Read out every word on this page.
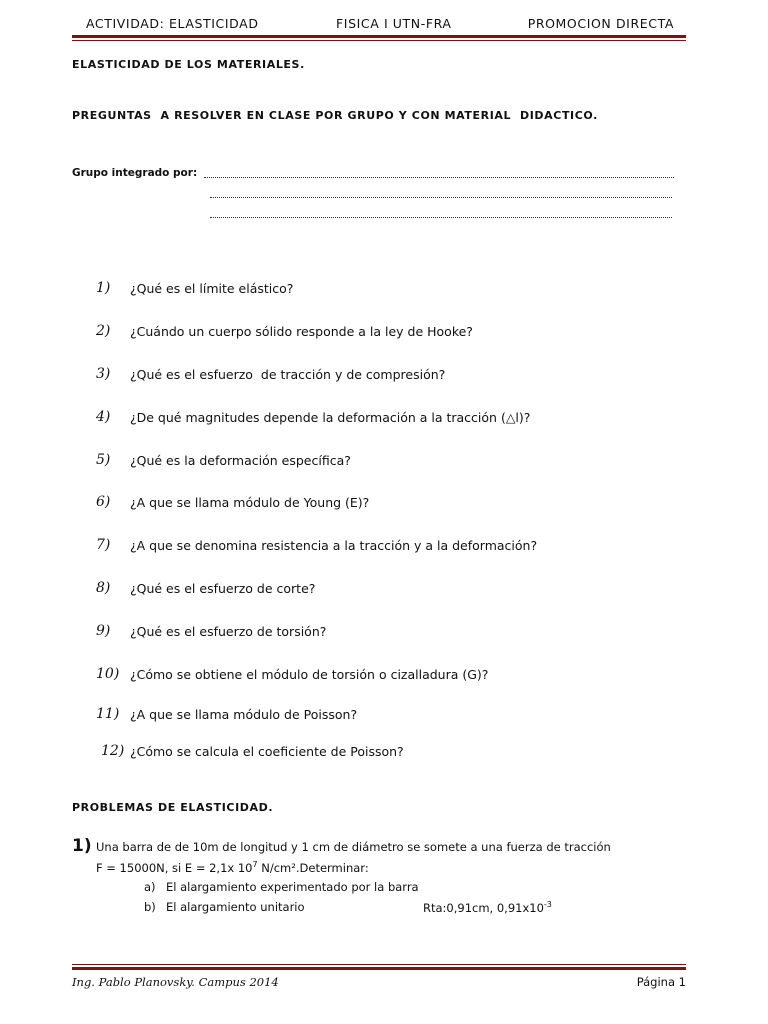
ACTIVIDAD: ELASTICIDAD	FISICA I UTN-FRA	PROMOCION DIRECTA
ELASTICIDAD DE LOS MATERIALES.
PREGUNTAS  A RESOLVER EN CLASE POR GRUPO Y CON MATERIAL  DIDACTICO.
Grupo integrado por:
1) ¿Qué es el límite elástico?
2) ¿Cuándo un cuerpo sólido responde a la ley de Hooke?
3) ¿Qué es el esfuerzo  de tracción y de compresión?
4) ¿De qué magnitudes depende la deformación a la tracción (△l)?
5) ¿Qué es la deformación específica?
6) ¿A que se llama módulo de Young (E)?
7) ¿A que se denomina resistencia a la tracción y a la deformación?
8) ¿Qué es el esfuerzo de corte?
9) ¿Qué es el esfuerzo de torsión?
10) ¿Cómo se obtiene el módulo de torsión o cizalladura (G)?
11) ¿A que se llama módulo de Poisson?
12) ¿Cómo se calcula el coeficiente de Poisson?
PROBLEMAS DE ELASTICIDAD.
1) Una barra de de 10m de longitud y 1 cm de diámetro se somete a una fuerza de tracción
F = 15000N, si E = 2,1x $10^7$ N/cm².Determinar:
a) El alargamiento experimentado por la barra
b) El alargamiento unitario	Rta:0,91cm, $0,91x10^{-3}$
Ing. Pablo Planovsky. Campus 2014	Página 1
